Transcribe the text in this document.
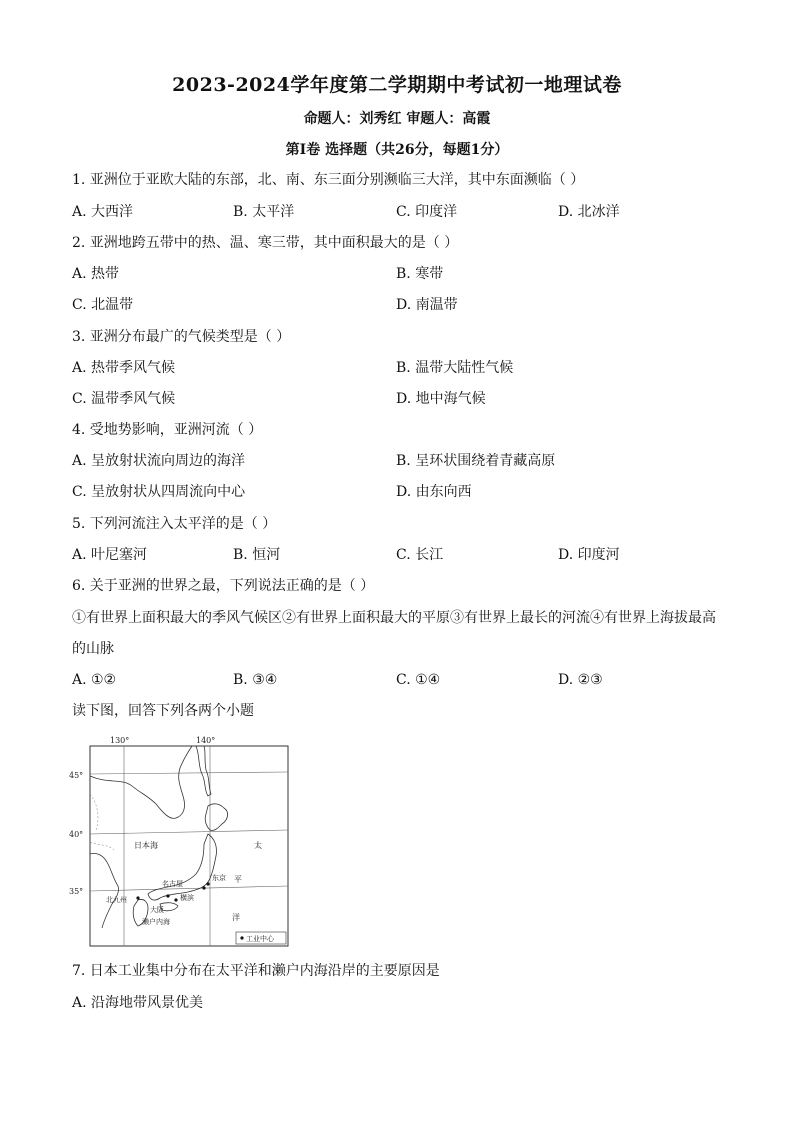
2023-2024学年度第二学期期中考试初一地理试卷
命题人：刘秀红 审题人：高霞
第Ⅰ卷 选择题（共26分，每题1分）
1. 亚洲位于亚欧大陆的东部，北、南、东三面分别濒临三大洋，其中东面濒临（ ）
A. 大西洋	B. 太平洋	C. 印度洋	D. 北冰洋
2. 亚洲地跨五带中的热、温、寒三带，其中面积最大的是（ ）
A. 热带	B. 寒带
C. 北温带	D. 南温带
3. 亚洲分布最广的气候类型是（ ）
A. 热带季风气候	B. 温带大陆性气候
C. 温带季风气候	D. 地中海气候
4. 受地势影响，亚洲河流（ ）
A. 呈放射状流向周边的海洋	B. 呈环状围绕着青藏高原
C. 呈放射状从四周流向中心	D. 由东向西
5. 下列河流注入太平洋的是（ ）
A. 叶尼塞河	B. 恒河	C. 长江	D. 印度河
6. 关于亚洲的世界之最，下列说法正确的是（ ）
①有世界上面积最大的季风气候区②有世界上面积最大的平原③有世界上最长的河流④有世界上海拔最高
的山脉
A. ①②	B. ③④	C. ①④	D. ②③
读下图，回答下列各两个小题
130°	140°
45°
40°
35°
日本海	太
平
洋
北九州
名古屋
大阪
横滨
东京
濑户内海
工业中心
7. 日本工业集中分布在太平洋和濑户内海沿岸的主要原因是
A. 沿海地带风景优美
